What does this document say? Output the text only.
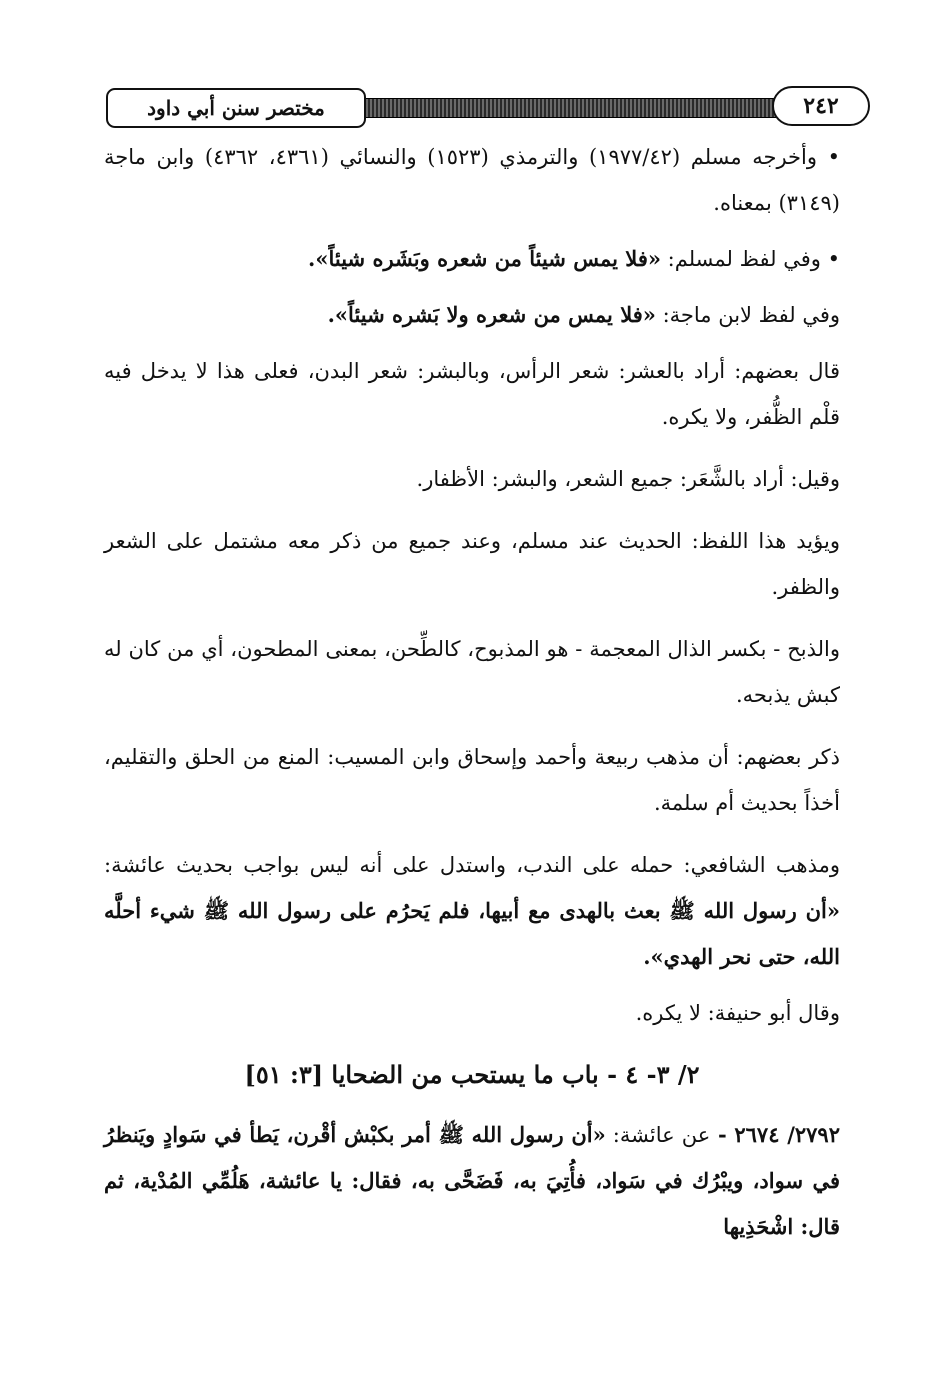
مختصر سنن أبي داود	٢٤٢

• وأخرجه مسلم (١٩٧٧/٤٢) والترمذي (١٥٢٣) والنسائي (٤٣٦١، ٤٣٦٢) وابن ماجة (٣١٤٩) بمعناه.

• وفي لفظ لمسلم: «فلا يمس شيئاً من شعره وبَشَره شيئاً».

وفي لفظ لابن ماجة: «فلا يمس من شعره ولا بَشره شيئاً».

قال بعضهم: أراد بالعشر: شعر الرأس، وبالبشر: شعر البدن، فعلى هذا لا يدخل فيه قلْم الظُّفر، ولا يكره.

وقيل: أراد بالشَّعَر: جميع الشعر، والبشر: الأظفار.

ويؤيد هذا اللفظ: الحديث عند مسلم، وعند جميع من ذكر معه مشتمل على الشعر والظفر.

والذبح - بكسر الذال المعجمة - هو المذبوح، كالطِّحن، بمعنى المطحون، أي من كان له كبش يذبحه.

ذكر بعضهم: أن مذهب ربيعة وأحمد وإسحاق وابن المسيب: المنع من الحلق والتقليم، أخذاً بحديث أم سلمة.

ومذهب الشافعي: حمله على الندب، واستدل على أنه ليس بواجب بحديث عائشة: «أن رسول الله ﷺ بعث بالهدى مع أبيها، فلم يَحرُم على رسول الله ﷺ شيء أحلَّه الله، حتى نحر الهدي».

وقال أبو حنيفة: لا يكره.

٢/ ٣- ٤ - باب ما يستحب من الضحايا [٣: ٥١]

٢٧٩٢/ ٢٦٧٤ - عن عائشة: «أن رسول الله ﷺ أمر بكبْش أقْرن، يَطأ في سَوادٍ ويَنظرُ في سواد، ويبْرُك في سَواد، فأُتِيَ به، فَضَحَّى به، فقال: يا عائشة، هَلُمِّي المُدْية، ثم قال: اشْحَذِيها
